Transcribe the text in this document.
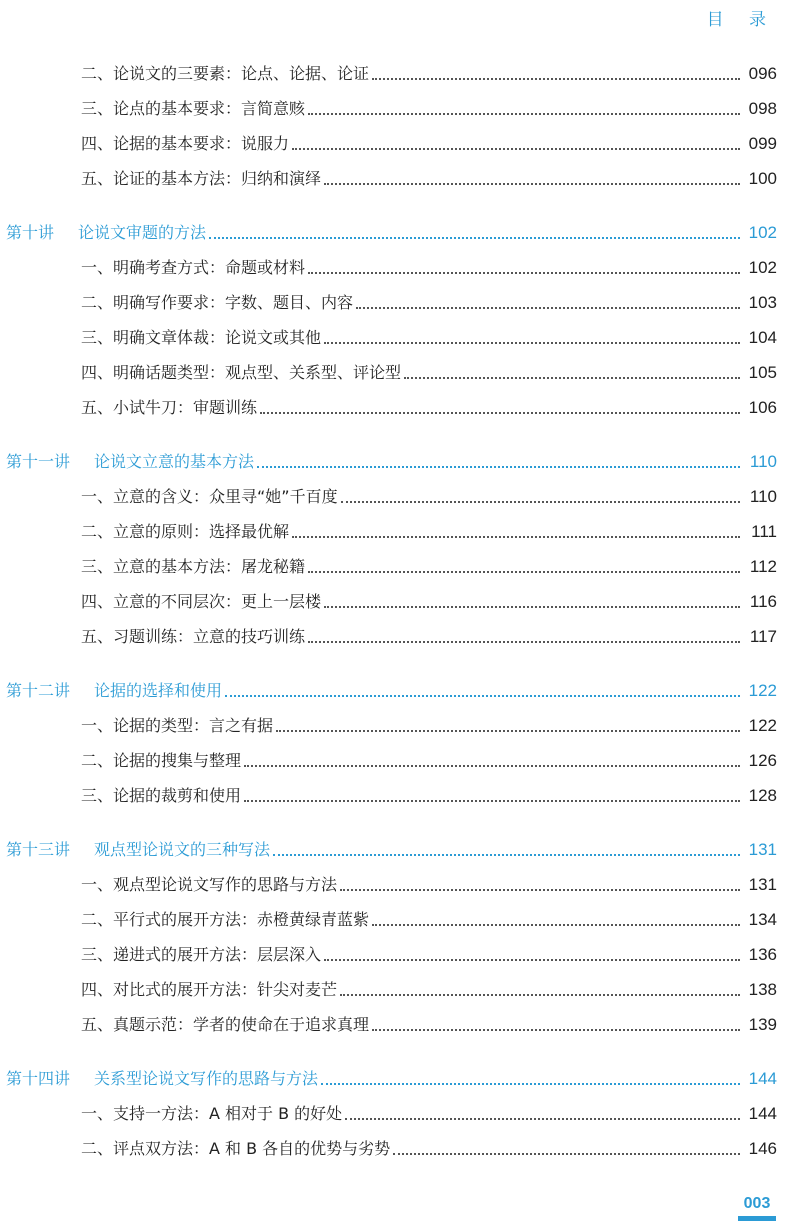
目 录
二、论说文的三要素：论点、论据、论证	096
三、论点的基本要求：言简意赅	098
四、论据的基本要求：说服力	099
五、论证的基本方法：归纳和演绎	100
第十讲 论说文审题的方法	102
一、明确考查方式：命题或材料	102
二、明确写作要求：字数、题目、内容	103
三、明确文章体裁：论说文或其他	104
四、明确话题类型：观点型、关系型、评论型	105
五、小试牛刀：审题训练	106
第十一讲 论说文立意的基本方法	110
一、立意的含义：众里寻“她”千百度	110
二、立意的原则：选择最优解	111
三、立意的基本方法：屠龙秘籍	112
四、立意的不同层次：更上一层楼	116
五、习题训练：立意的技巧训练	117
第十二讲 论据的选择和使用	122
一、论据的类型：言之有据	122
二、论据的搜集与整理	126
三、论据的裁剪和使用	128
第十三讲 观点型论说文的三种写法	131
一、观点型论说文写作的思路与方法	131
二、平行式的展开方法：赤橙黄绿青蓝紫	134
三、递进式的展开方法：层层深入	136
四、对比式的展开方法：针尖对麦芒	138
五、真题示范：学者的使命在于追求真理	139
第十四讲 关系型论说文写作的思路与方法	144
一、支持一方法：A 相对于 B 的好处	144
二、评点双方法：A 和 B 各自的优势与劣势	146
003
